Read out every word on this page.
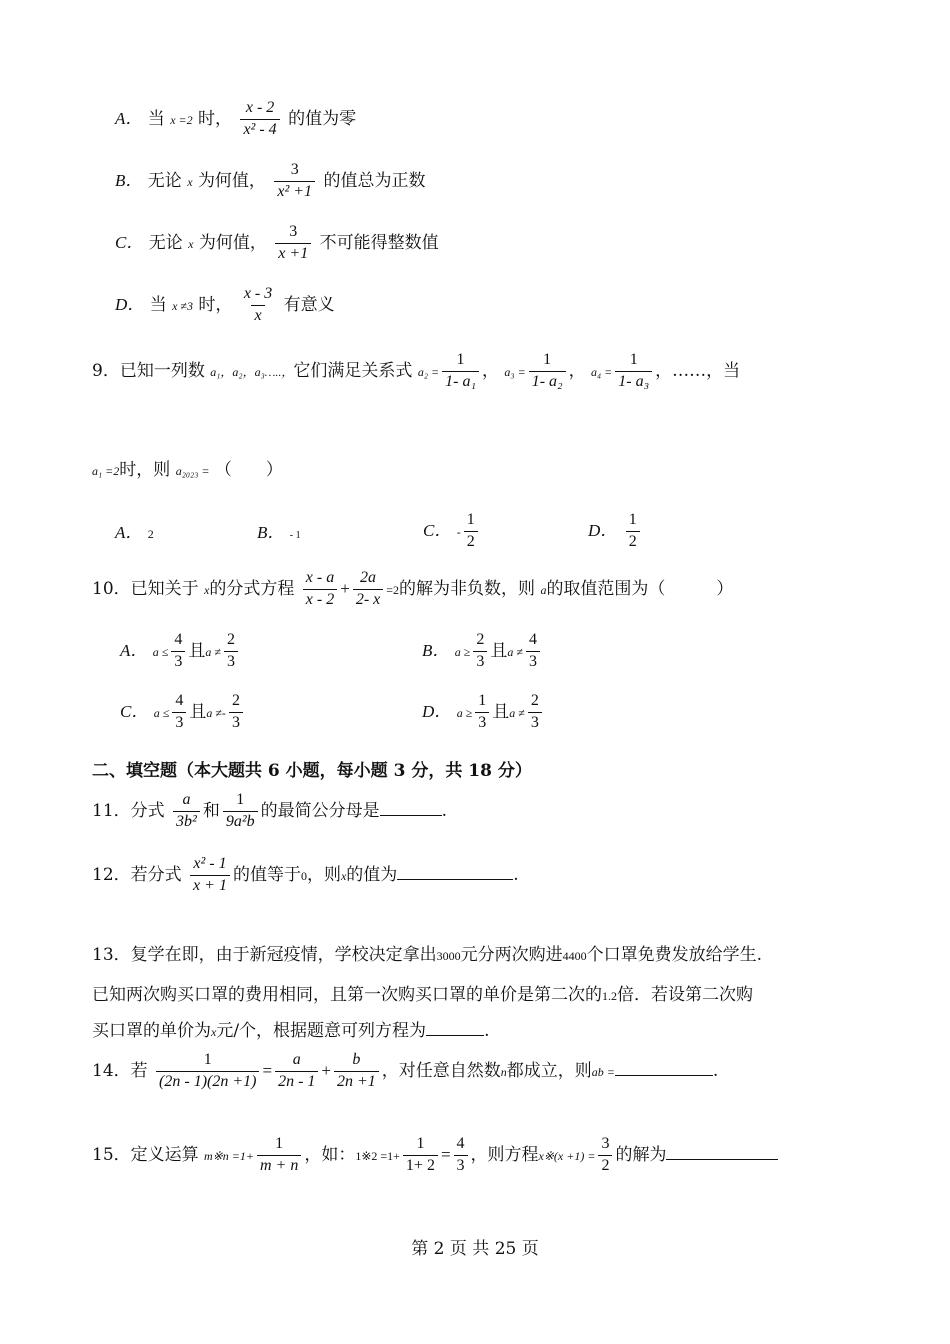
A． 当 x =2 时， $\frac{x - 2}{\text{x² - 4}}$ 的值为零
B． 无论 x 为何值， $\frac{3}{\text{x² +1}}$ 的值总为正数
C． 无论 x 为何值， $\frac{3}{x +1}$ 不可能得整数值
D． 当 x ≠3 时， $\frac{x - 3}{x}$ 有意义
9．已知一列数 a₁，a₂，a₃…..，它们满足关系式 $a_2 = \frac{1}{\text{1- a₁}}$ ， $a_3 = \frac{1}{\text{1- a₂}}$ ， $a_4 = \frac{1}{\text{1- a₃}}$ ，……，当
a₁ =2时，则 a₂₀₂₃ = （　　）
A． 2	B． - 1	C． - $\frac{1}{2}$	D． $\frac{1}{2}$
10．已知关于 x的分式方程 $\frac{x - a}{x - 2} + \frac{2a}{2- x} =2$的解为非负数，则 a的取值范围为（　　　）
A． $a \le \frac{4}{3}$ 且$a \ne \frac{2}{3}$	B． $a \ge \frac{2}{3}$ 且$a \ne \frac{4}{3}$
C． $a \le \frac{4}{3}$ 且$a \ne- \frac{2}{3}$	D． $a \ge \frac{1}{3}$ 且$a \ne \frac{2}{3}$
二、填空题（本大题共 6 小题，每小题 3 分，共 18 分）
11．分式 $\frac{a}{\text{3b²}}$ 和 $\frac{1}{\text{9a²b}}$ 的最简公分母是	.
12．若分式 $\frac{\text{x² - 1}}{x + 1}$ 的值等于0，则x的值为	.
13．复学在即，由于新冠疫情，学校决定拿出3000元分两次购进4400个口罩免费发放给学生.
已知两次购买口罩的费用相同，且第一次购买口罩的单价是第二次的1.2倍．若设第二次购
买口罩的单价为x元/个，根据题意可列方程为	.
14．若 $\frac{1}{(2n - 1)(2n +1)} = \frac{a}{2n - 1} + \frac{b}{2n +1}$ ，对任意自然数n都成立，则ab =	.
15．定义运算 m※n $=1+ \frac{1}{m + n}$ ，如：1※2 $=1+ \frac{1}{1+ 2} = \frac{4}{3}$ ，则方程x※(x $+1) = \frac{3}{2}$ 的解为
第 2 页 共 25 页
